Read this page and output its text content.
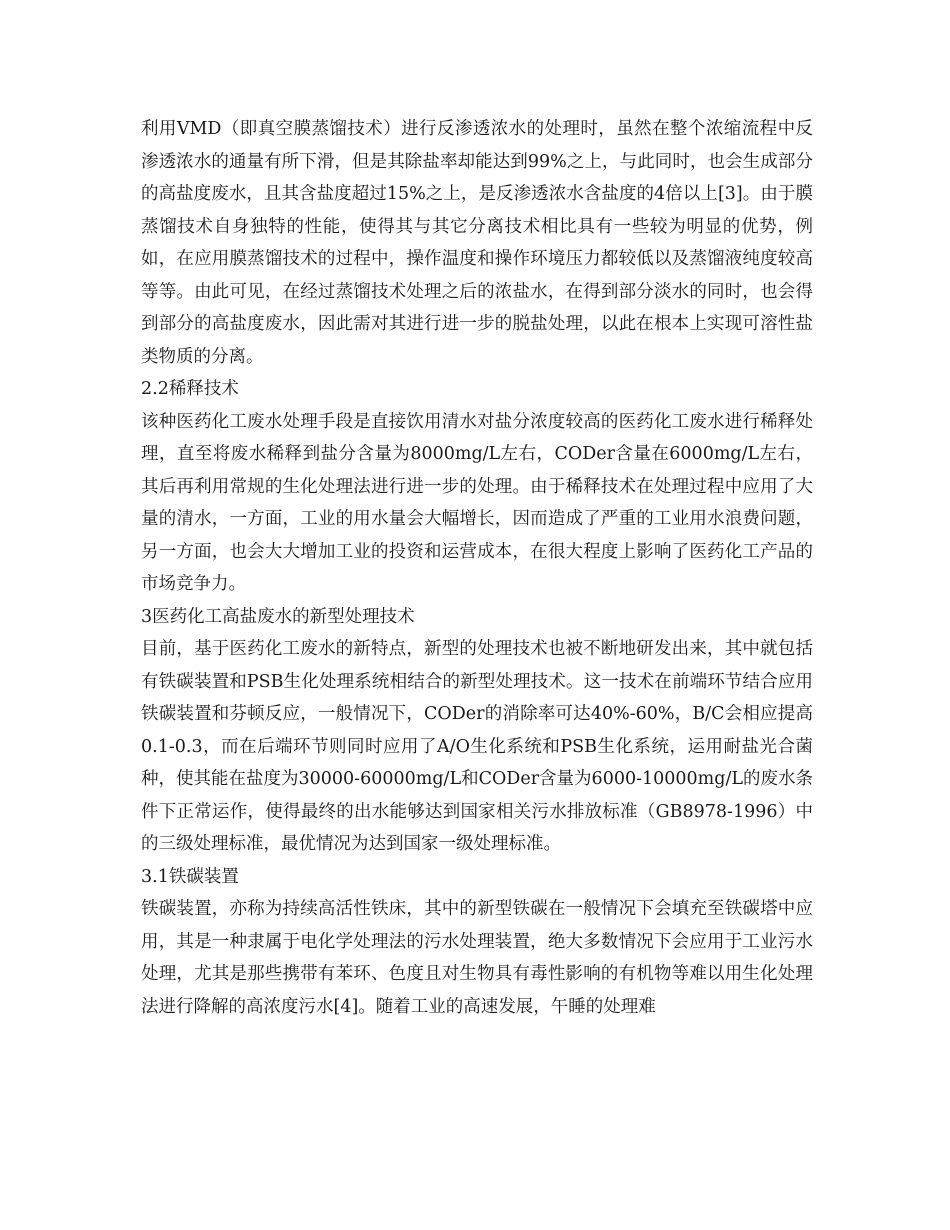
利用VMD（即真空膜蒸馏技术）进行反渗透浓水的处理时，虽然在整个浓缩流程中反渗透浓水的通量有所下滑，但是其除盐率却能达到99%之上，与此同时，也会生成部分的高盐度废水，且其含盐度超过15%之上，是反渗透浓水含盐度的4倍以上[3]。由于膜蒸馏技术自身独特的性能，使得其与其它分离技术相比具有一些较为明显的优势，例如，在应用膜蒸馏技术的过程中，操作温度和操作环境压力都较低以及蒸馏液纯度较高等等。由此可见，在经过蒸馏技术处理之后的浓盐水，在得到部分淡水的同时，也会得到部分的高盐度废水，因此需对其进行进一步的脱盐处理，以此在根本上实现可溶性盐类物质的分离。

2.2稀释技术

该种医药化工废水处理手段是直接饮用清水对盐分浓度较高的医药化工废水进行稀释处理，直至将废水稀释到盐分含量为8000mg/L左右，CODer含量在6000mg/L左右，其后再利用常规的生化处理法进行进一步的处理。由于稀释技术在处理过程中应用了大量的清水，一方面，工业的用水量会大幅增长，因而造成了严重的工业用水浪费问题，另一方面，也会大大增加工业的投资和运营成本，在很大程度上影响了医药化工产品的市场竞争力。

3医药化工高盐废水的新型处理技术

目前，基于医药化工废水的新特点，新型的处理技术也被不断地研发出来，其中就包括有铁碳装置和PSB生化处理系统相结合的新型处理技术。这一技术在前端环节结合应用铁碳装置和芬顿反应，一般情况下，CODer的消除率可达40%-60%，B/C会相应提高0.1-0.3，而在后端环节则同时应用了A/O生化系统和PSB生化系统，运用耐盐光合菌种，使其能在盐度为30000-60000mg/L和CODer含量为6000-10000mg/L的废水条件下正常运作，使得最终的出水能够达到国家相关污水排放标准（GB8978-1996）中的三级处理标准，最优情况为达到国家一级处理标准。

3.1铁碳装置

铁碳装置，亦称为持续高活性铁床，其中的新型铁碳在一般情况下会填充至铁碳塔中应用，其是一种隶属于电化学处理法的污水处理装置，绝大多数情况下会应用于工业污水处理，尤其是那些携带有苯环、色度且对生物具有毒性影响的有机物等难以用生化处理法进行降解的高浓度污水[4]。随着工业的高速发展，午睡的处理难
